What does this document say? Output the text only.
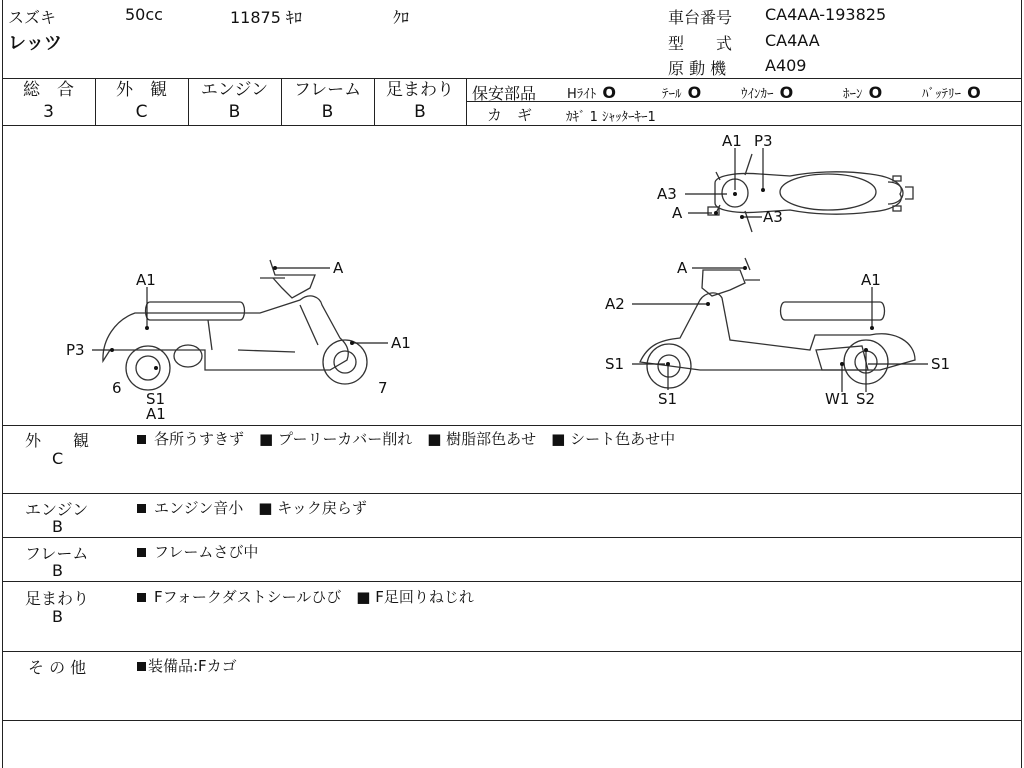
スズキ	50cc	11875 ｷﾛ	ｸﾛ
レッツ
車台番号 CA4AA-193825
型　　式 CA4AA
原 動 機 A409
総　合
3
外　観
C
エンジン
B
フレーム
B
足まわり
B
保安部品 Hﾗｲﾄ O	ﾃｰﾙ O	ｳｲﾝｶｰ O	ﾎｰﾝ O	ﾊﾞｯﾃﾘｰ O
カ　ギ	ｶｷﾞ 1 ｼｬｯﾀｰｷｰ1
A1 P3
A3
A	A3
A1
P3
6
S1
A1
A
A1
7
A
A2
A1
S1
S1	W1 S2
S1
外　　観
C
各所うすきず　■ プーリーカバー削れ　■ 樹脂部色あせ　■ シート色あせ中
エンジン
B
エンジン音小　■ キック戻らず
フレーム
B
フレームさび中
足まわり
B
Fフォークダストシールひび　■ F足回りねじれ
そ の 他	装備品:Fカゴ
